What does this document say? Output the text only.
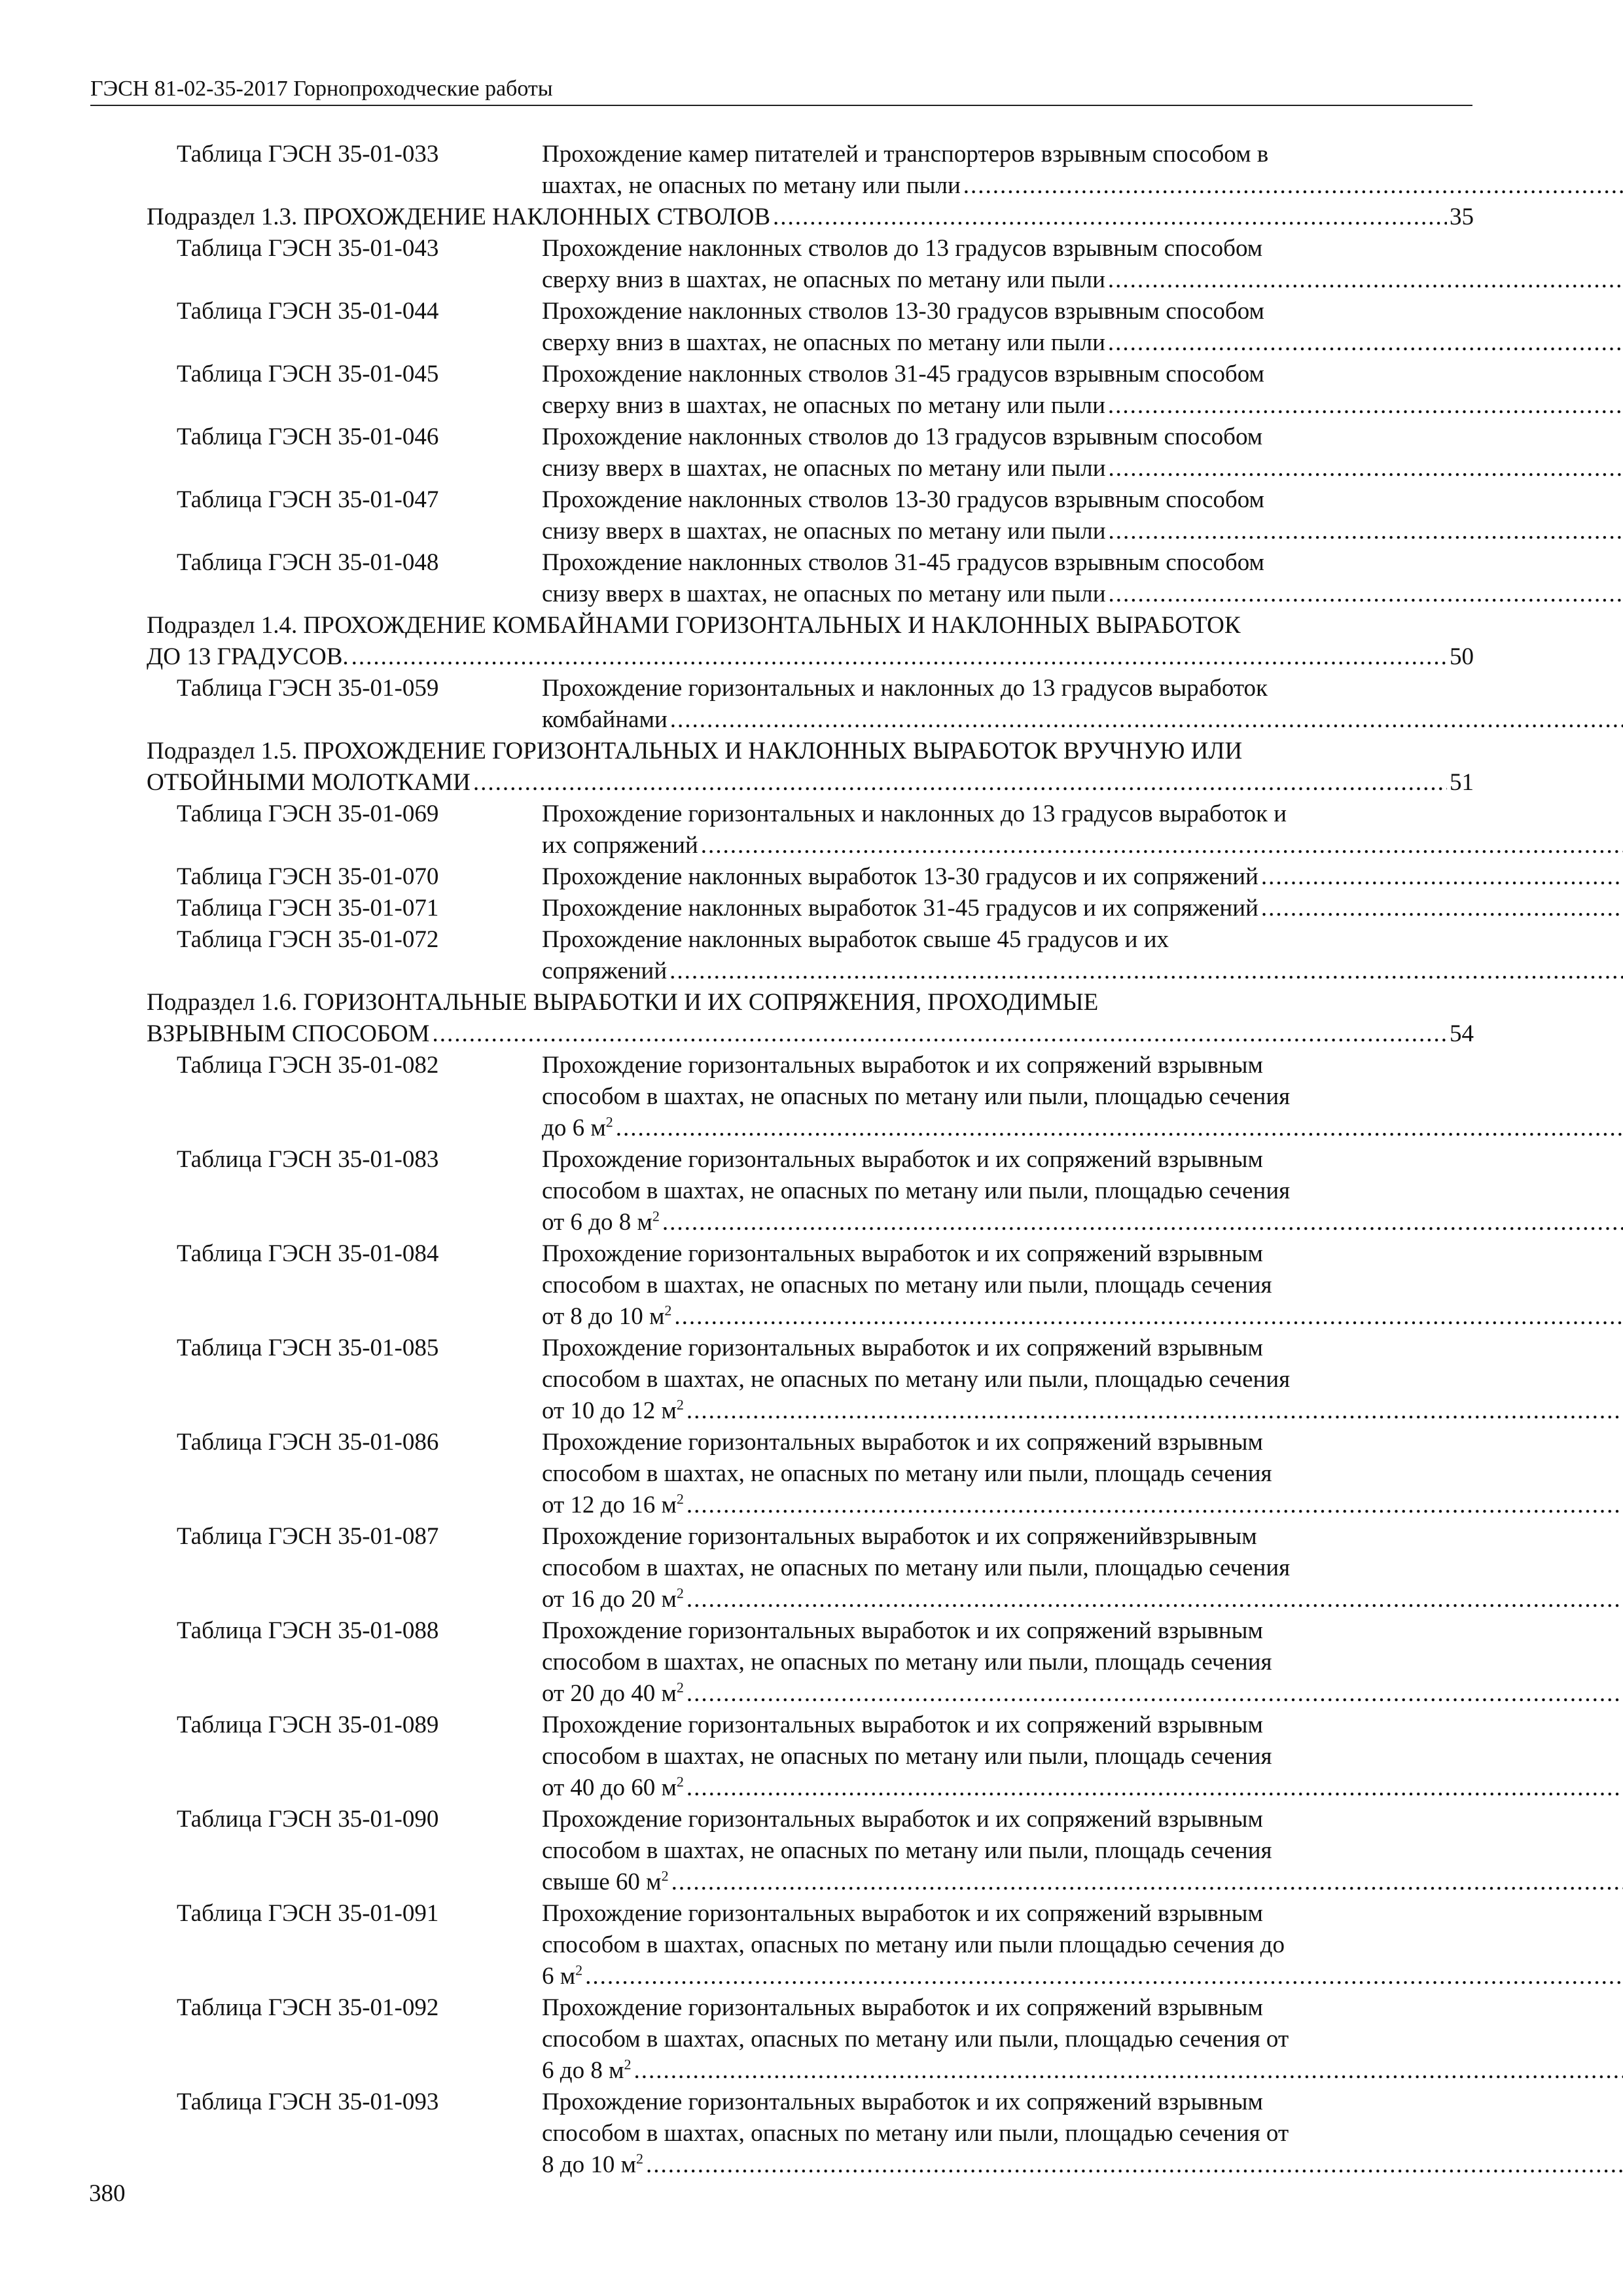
ГЭСН 81-02-35-2017 Горнопроходческие работы
Таблица ГЭСН 35-01-033	Прохождение камер питателей и транспортеров взрывным способом в
шахтах, не опасных по метану или пыли
.....
Подраздел 1.3. ПРОХОЖДЕНИЕ НАКЛОННЫХ СТВОЛОВ .....	35
Таблица ГЭСН 35-01-043	Прохождение наклонных стволов до 13 градусов взрывным способом
сверху вниз в шахтах, не опасных по метану или пыли
.....
Таблица ГЭСН 35-01-044	Прохождение наклонных стволов 13-30 градусов взрывным способом
сверху вниз в шахтах, не опасных по метану или пыли
.....
Таблица ГЭСН 35-01-045	Прохождение наклонных стволов 31-45 градусов взрывным способом
сверху вниз в шахтах, не опасных по метану или пыли
.....
Таблица ГЭСН 35-01-046	Прохождение наклонных стволов до 13 градусов взрывным способом
снизу вверх в шахтах, не опасных по метану или пыли
.....
Таблица ГЭСН 35-01-047	Прохождение наклонных стволов 13-30 градусов взрывным способом
снизу вверх в шахтах, не опасных по метану или пыли
.....
Таблица ГЭСН 35-01-048	Прохождение наклонных стволов 31-45 градусов взрывным способом
снизу вверх в шахтах, не опасных по метану или пыли
.....
Подраздел 1.4. ПРОХОЖДЕНИЕ КОМБАЙНАМИ ГОРИЗОНТАЛЬНЫХ И НАКЛОННЫХ ВЫРАБОТОК
ДО 13 ГРАДУСОВ. .....	50
Таблица ГЭСН 35-01-059	Прохождение горизонтальных и наклонных до 13 градусов выработок
комбайнами
.....
Подраздел 1.5. ПРОХОЖДЕНИЕ ГОРИЗОНТАЛЬНЫХ И НАКЛОННЫХ ВЫРАБОТОК ВРУЧНУЮ ИЛИ
ОТБОЙНЫМИ МОЛОТКАМИ .....	51
Таблица ГЭСН 35-01-069	Прохождение горизонтальных и наклонных до 13 градусов выработок и
их сопряжений
.....
Таблица ГЭСН 35-01-070	Прохождение наклонных выработок 13-30 градусов и их сопряжений
.....
Таблица ГЭСН 35-01-071	Прохождение наклонных выработок 31-45 градусов и их сопряжений
.....
Таблица ГЭСН 35-01-072	Прохождение наклонных выработок свыше 45 градусов и их
сопряжений
.....
Подраздел 1.6. ГОРИЗОНТАЛЬНЫЕ ВЫРАБОТКИ И ИХ СОПРЯЖЕНИЯ, ПРОХОДИМЫЕ
ВЗРЫВНЫМ СПОСОБОМ .....	54
Таблица ГЭСН 35-01-082	Прохождение горизонтальных выработок и их сопряжений взрывным
способом в шахтах, не опасных по метану или пыли, площадью сечения
до 6 $м^2$
.....
Таблица ГЭСН 35-01-083	Прохождение горизонтальных выработок и их сопряжений взрывным
способом в шахтах, не опасных по метану или пыли, площадью сечения
от 6 до 8 $м^2$
.....
Таблица ГЭСН 35-01-084	Прохождение горизонтальных выработок и их сопряжений взрывным
способом в шахтах, не опасных по метану или пыли, площадь сечения
от 8 до 10 $м^2$
.....
Таблица ГЭСН 35-01-085	Прохождение горизонтальных выработок и их сопряжений взрывным
способом в шахтах, не опасных по метану или пыли, площадью сечения
от 10 до 12 $м^2$
.....
Таблица ГЭСН 35-01-086	Прохождение горизонтальных выработок и их сопряжений взрывным
способом в шахтах, не опасных по метану или пыли, площадь сечения
от 12 до 16 $м^2$
.....
Таблица ГЭСН 35-01-087	Прохождение горизонтальных выработок и их сопряженийвзрывным
способом в шахтах, не опасных по метану или пыли, площадью сечения
от 16 до 20 $м^2$
.....
Таблица ГЭСН 35-01-088	Прохождение горизонтальных выработок и их сопряжений взрывным
способом в шахтах, не опасных по метану или пыли, площадь сечения
от 20 до 40 $м^2$
.....
Таблица ГЭСН 35-01-089	Прохождение горизонтальных выработок и их сопряжений взрывным
способом в шахтах, не опасных по метану или пыли, площадь сечения
от 40 до 60 $м^2$
.....
Таблица ГЭСН 35-01-090	Прохождение горизонтальных выработок и их сопряжений взрывным
способом в шахтах, не опасных по метану или пыли, площадь сечения
свыше 60 $м^2$
.....
Таблица ГЭСН 35-01-091	Прохождение горизонтальных выработок и их сопряжений взрывным
способом в шахтах, опасных по метану или пыли площадью сечения до
6 $м^2$
.....
Таблица ГЭСН 35-01-092	Прохождение горизонтальных выработок и их сопряжений взрывным
способом в шахтах, опасных по метану или пыли, площадью сечения от
6 до 8 $м^2$
.....
Таблица ГЭСН 35-01-093	Прохождение горизонтальных выработок и их сопряжений взрывным
способом в шахтах, опасных по метану или пыли, площадью сечения от
8 до 10 $м^2$
.....
380
